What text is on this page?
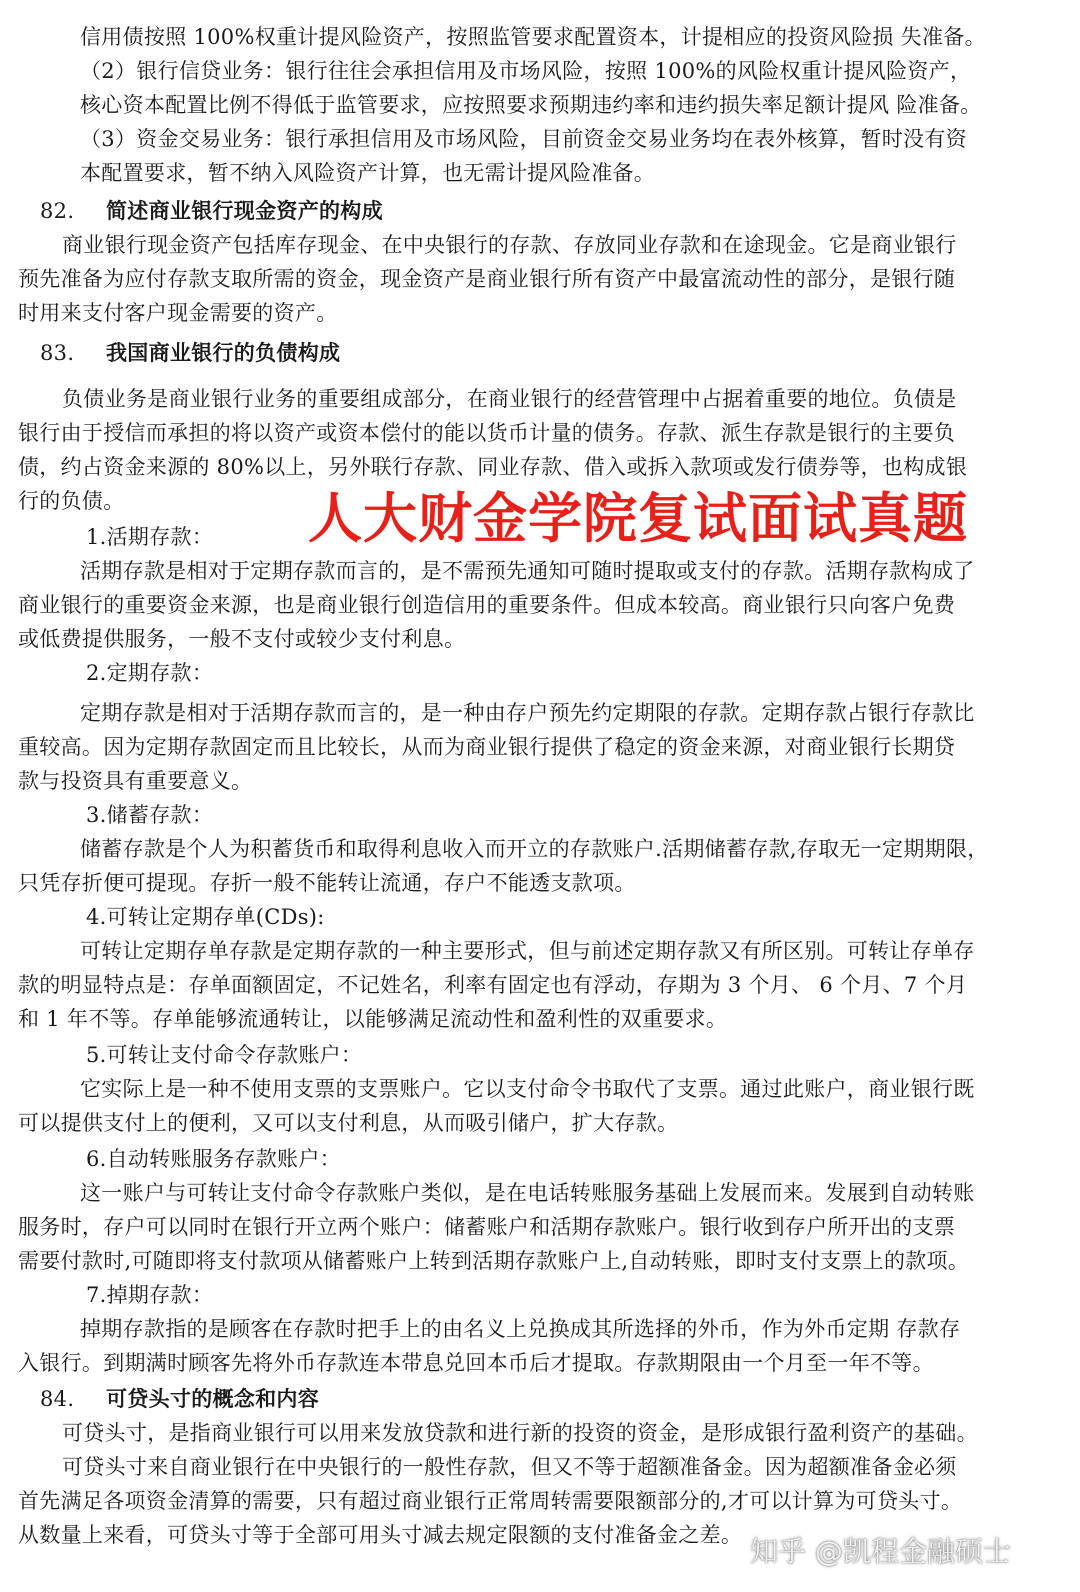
信用债按照 100%权重计提风险资产，按照监管要求配置资本，计提相应的投资风险损 失准备。
（2）银行信贷业务：银行往往会承担信用及市场风险，按照 100%的风险权重计提风险资产，
核心资本配置比例不得低于监管要求，应按照要求预期违约率和违约损失率足额计提风 险准备。
（3）资金交易业务：银行承担信用及市场风险，目前资金交易业务均在表外核算，暂时没有资
本配置要求，暂不纳入风险资产计算，也无需计提风险准备。
82. 简述商业银行现金资产的构成
商业银行现金资产包括库存现金、在中央银行的存款、存放同业存款和在途现金。它是商业银行
预先准备为应付存款支取所需的资金，现金资产是商业银行所有资产中最富流动性的部分，是银行随
时用来支付客户现金需要的资产。
83. 我国商业银行的负债构成
负债业务是商业银行业务的重要组成部分，在商业银行的经营管理中占据着重要的地位。负债是
银行由于授信而承担的将以资产或资本偿付的能以货币计量的债务。存款、派生存款是银行的主要负
债，约占资金来源的 80%以上，另外联行存款、同业存款、借入或拆入款项或发行债券等，也构成银
行的负债。
1.活期存款：
活期存款是相对于定期存款而言的，是不需预先通知可随时提取或支付的存款。活期存款构成了
商业银行的重要资金来源，也是商业银行创造信用的重要条件。但成本较高。商业银行只向客户免费
或低费提供服务，一般不支付或较少支付利息。
2.定期存款：
定期存款是相对于活期存款而言的，是一种由存户预先约定期限的存款。定期存款占银行存款比
重较高。因为定期存款固定而且比较长，从而为商业银行提供了稳定的资金来源，对商业银行长期贷
款与投资具有重要意义。
3.储蓄存款：
储蓄存款是个人为积蓄货币和取得利息收入而开立的存款账户.活期储蓄存款,存取无一定期期限，
只凭存折便可提现。存折一般不能转让流通，存户不能透支款项。
4.可转让定期存单(CDs):
可转让定期存单存款是定期存款的一种主要形式，但与前述定期存款又有所区别。可转让存单存
款的明显特点是：存单面额固定，不记姓名，利率有固定也有浮动，存期为 3 个月、 6 个月、7 个月
和 1 年不等。存单能够流通转让，以能够满足流动性和盈利性的双重要求。
5.可转让支付命令存款账户：
它实际上是一种不使用支票的支票账户。它以支付命令书取代了支票。通过此账户，商业银行既
可以提供支付上的便利，又可以支付利息，从而吸引储户，扩大存款。
6.自动转账服务存款账户：
这一账户与可转让支付命令存款账户类似，是在电话转账服务基础上发展而来。发展到自动转账
服务时，存户可以同时在银行开立两个账户：储蓄账户和活期存款账户。银行收到存户所开出的支票
需要付款时,可随即将支付款项从储蓄账户上转到活期存款账户上,自动转账，即时支付支票上的款项。
7.掉期存款：
掉期存款指的是顾客在存款时把手上的由名义上兑换成其所选择的外币，作为外币定期 存款存
入银行。到期满时顾客先将外币存款连本带息兑回本币后才提取。存款期限由一个月至一年不等。
84. 可贷头寸的概念和内容
可贷头寸，是指商业银行可以用来发放贷款和进行新的投资的资金，是形成银行盈利资产的基础。
可贷头寸来自商业银行在中央银行的一般性存款，但又不等于超额准备金。因为超额准备金必须
首先满足各项资金清算的需要，只有超过商业银行正常周转需要限额部分的,才可以计算为可贷头寸。
从数量上来看，可贷头寸等于全部可用头寸减去规定限额的支付准备金之差。
人大财金学院复试面试真题
知乎 @凯程金融硕士
